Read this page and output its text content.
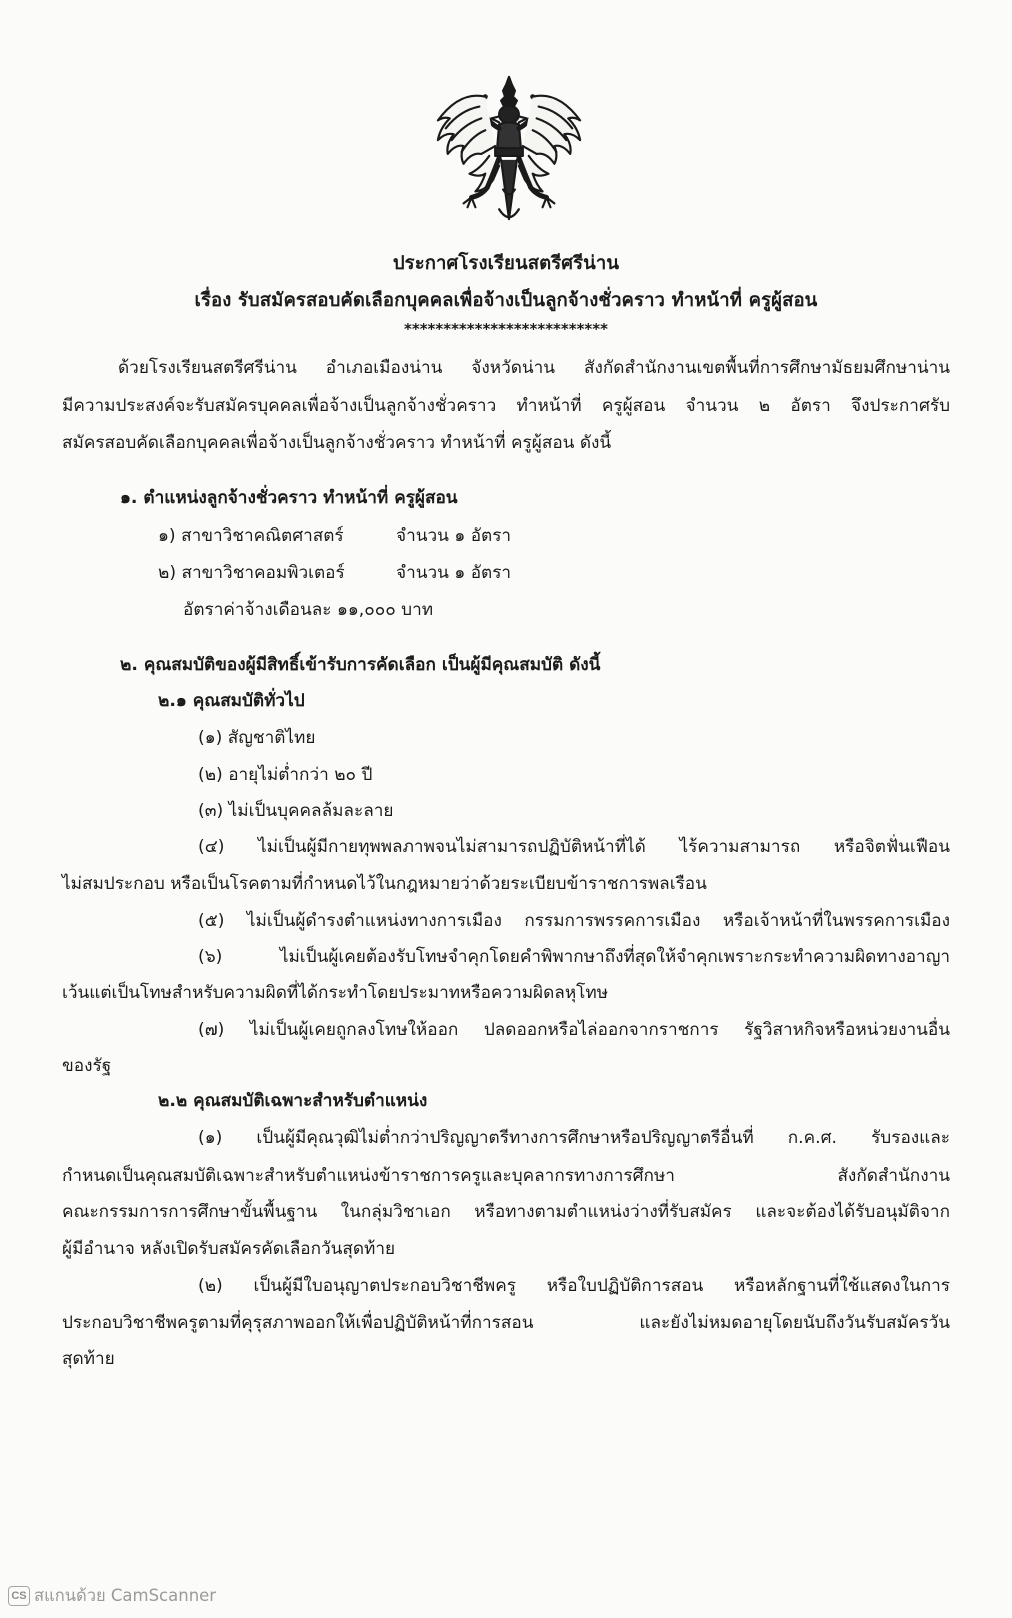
ประกาศโรงเรียนสตรีศรีน่าน
เรื่อง รับสมัครสอบคัดเลือกบุคคลเพื่อจ้างเป็นลูกจ้างชั่วคราว ทำหน้าที่ ครูผู้สอน
**************************
ด้วยโรงเรียนสตรีศรีน่าน อำเภอเมืองน่าน จังหวัดน่าน สังกัดสำนักงานเขตพื้นที่การศึกษามัธยมศึกษาน่าน
มีความประสงค์จะรับสมัครบุคคลเพื่อจ้างเป็นลูกจ้างชั่วคราว ทำหน้าที่ ครูผู้สอน จำนวน ๒ อัตรา จึงประกาศรับ
สมัครสอบคัดเลือกบุคคลเพื่อจ้างเป็นลูกจ้างชั่วคราว ทำหน้าที่ ครูผู้สอน ดังนี้
๑. ตำแหน่งลูกจ้างชั่วคราว ทำหน้าที่ ครูผู้สอน
๑) สาขาวิชาคณิตศาสตร์	จำนวน ๑ อัตรา
๒) สาขาวิชาคอมพิวเตอร์	จำนวน ๑ อัตรา
อัตราค่าจ้างเดือนละ ๑๑,๐๐๐ บาท
๒. คุณสมบัติของผู้มีสิทธิ์เข้ารับการคัดเลือก เป็นผู้มีคุณสมบัติ ดังนี้
๒.๑ คุณสมบัติทั่วไป
(๑) สัญชาติไทย
(๒) อายุไม่ต่ำกว่า ๒๐ ปี
(๓) ไม่เป็นบุคคลล้มละลาย
(๔) ไม่เป็นผู้มีกายทุพพลภาพจนไม่สามารถปฏิบัติหน้าที่ได้ ไร้ความสามารถ หรือจิตฟั่นเฟือน
ไม่สมประกอบ หรือเป็นโรคตามที่กำหนดไว้ในกฎหมายว่าด้วยระเบียบข้าราชการพลเรือน
(๕) ไม่เป็นผู้ดำรงตำแหน่งทางการเมือง กรรมการพรรคการเมือง หรือเจ้าหน้าที่ในพรรคการเมือง
(๖) ไม่เป็นผู้เคยต้องรับโทษจำคุกโดยคำพิพากษาถึงที่สุดให้จำคุกเพราะกระทำความผิดทางอาญา
เว้นแต่เป็นโทษสำหรับความผิดที่ได้กระทำโดยประมาทหรือความผิดลหุโทษ
(๗) ไม่เป็นผู้เคยถูกลงโทษให้ออก ปลดออกหรือไล่ออกจากราชการ รัฐวิสาหกิจหรือหน่วยงานอื่น
ของรัฐ
๒.๒ คุณสมบัติเฉพาะสำหรับตำแหน่ง
(๑) เป็นผู้มีคุณวุฒิไม่ต่ำกว่าปริญญาตรีทางการศึกษาหรือปริญญาตรีอื่นที่ ก.ค.ศ. รับรองและ
กำหนดเป็นคุณสมบัติเฉพาะสำหรับตำแหน่งข้าราชการครูและบุคลากรทางการศึกษา สังกัดสำนักงาน
คณะกรรมการการศึกษาขั้นพื้นฐาน ในกลุ่มวิชาเอก หรือทางตามตำแหน่งว่างที่รับสมัคร และจะต้องได้รับอนุมัติจาก
ผู้มีอำนาจ หลังเปิดรับสมัครคัดเลือกวันสุดท้าย
(๒) เป็นผู้มีใบอนุญาตประกอบวิชาชีพครู หรือใบปฏิบัติการสอน หรือหลักฐานที่ใช้แสดงในการ
ประกอบวิชาชีพครูตามที่คุรุสภาพออกให้เพื่อปฏิบัติหน้าที่การสอน และยังไม่หมดอายุโดยนับถึงวันรับสมัครวัน
สุดท้าย
CS สแกนด้วย CamScanner
